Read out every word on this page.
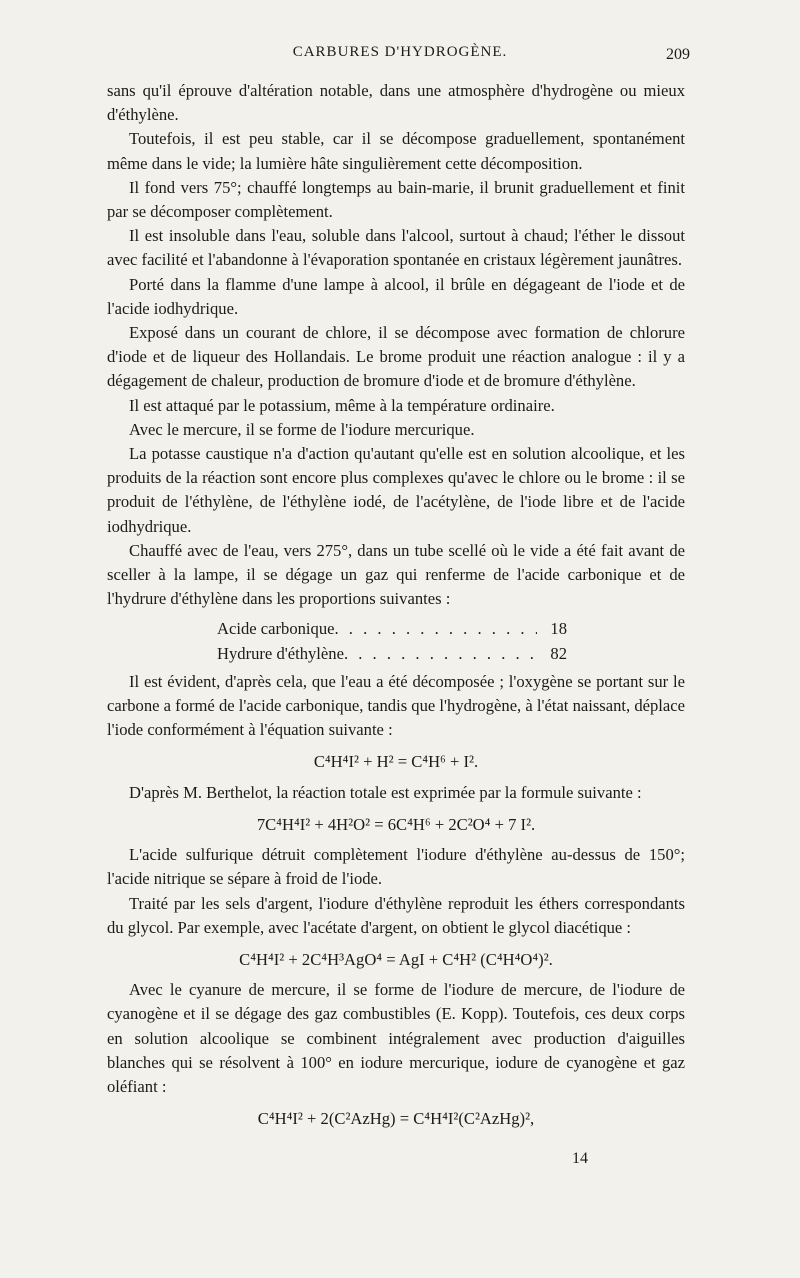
CARBURES D'HYDROGÈNE.	209

sans qu'il éprouve d'altération notable, dans une atmosphère d'hydrogène ou mieux d'éthylène.

Toutefois, il est peu stable, car il se décompose graduellement, spontanément même dans le vide; la lumière hâte singulièrement cette décomposition.

Il fond vers 75°; chauffé longtemps au bain-marie, il brunit graduellement et finit par se décomposer complètement.

Il est insoluble dans l'eau, soluble dans l'alcool, surtout à chaud; l'éther le dissout avec facilité et l'abandonne à l'évaporation spontanée en cristaux légèrement jaunâtres.

Porté dans la flamme d'une lampe à alcool, il brûle en dégageant de l'iode et de l'acide iodhydrique.

Exposé dans un courant de chlore, il se décompose avec formation de chlorure d'iode et de liqueur des Hollandais. Le brome produit une réaction analogue : il y a dégagement de chaleur, production de bromure d'iode et de bromure d'éthylène.

Il est attaqué par le potassium, même à la température ordinaire.

Avec le mercure, il se forme de l'iodure mercurique.

La potasse caustique n'a d'action qu'autant qu'elle est en solution alcoolique, et les produits de la réaction sont encore plus complexes qu'avec le chlore ou le brome : il se produit de l'éthylène, de l'éthylène iodé, de l'acétylène, de l'iode libre et de l'acide iodhydrique.

Chauffé avec de l'eau, vers 275°, dans un tube scellé où le vide a été fait avant de sceller à la lampe, il se dégage un gaz qui renferme de l'acide carbonique et de l'hydrure d'éthylène dans les proportions suivantes :

Acide carbonique . . .	18
Hydrure d'éthylène . . .	82

Il est évident, d'après cela, que l'eau a été décomposée ; l'oxygène se portant sur le carbone a formé de l'acide carbonique, tandis que l'hydrogène, à l'état naissant, déplace l'iode conformément à l'équation suivante :

C⁴H⁴I² + H² = C⁴H⁶ + I².

D'après M. Berthelot, la réaction totale est exprimée par la formule suivante :

7C⁴H⁴I² + 4H²O² = 6C⁴H⁶ + 2C²O⁴ + 7 I².

L'acide sulfurique détruit complètement l'iodure d'éthylène au-dessus de 150°; l'acide nitrique se sépare à froid de l'iode.

Traité par les sels d'argent, l'iodure d'éthylène reproduit les éthers correspondants du glycol. Par exemple, avec l'acétate d'argent, on obtient le glycol diacétique :

C⁴H⁴I² + 2C⁴H³AgO⁴ = AgI + C⁴H² (C⁴H⁴O⁴)².

Avec le cyanure de mercure, il se forme de l'iodure de mercure, de l'iodure de cyanogène et il se dégage des gaz combustibles (E. Kopp). Toutefois, ces deux corps en solution alcoolique se combinent intégralement avec production d'aiguilles blanches qui se résolvent à 100° en iodure mercurique, iodure de cyanogène et gaz oléfiant :

C⁴H⁴I² + 2(C²AzHg) = C⁴H⁴I²(C²AzHg)²,
14
